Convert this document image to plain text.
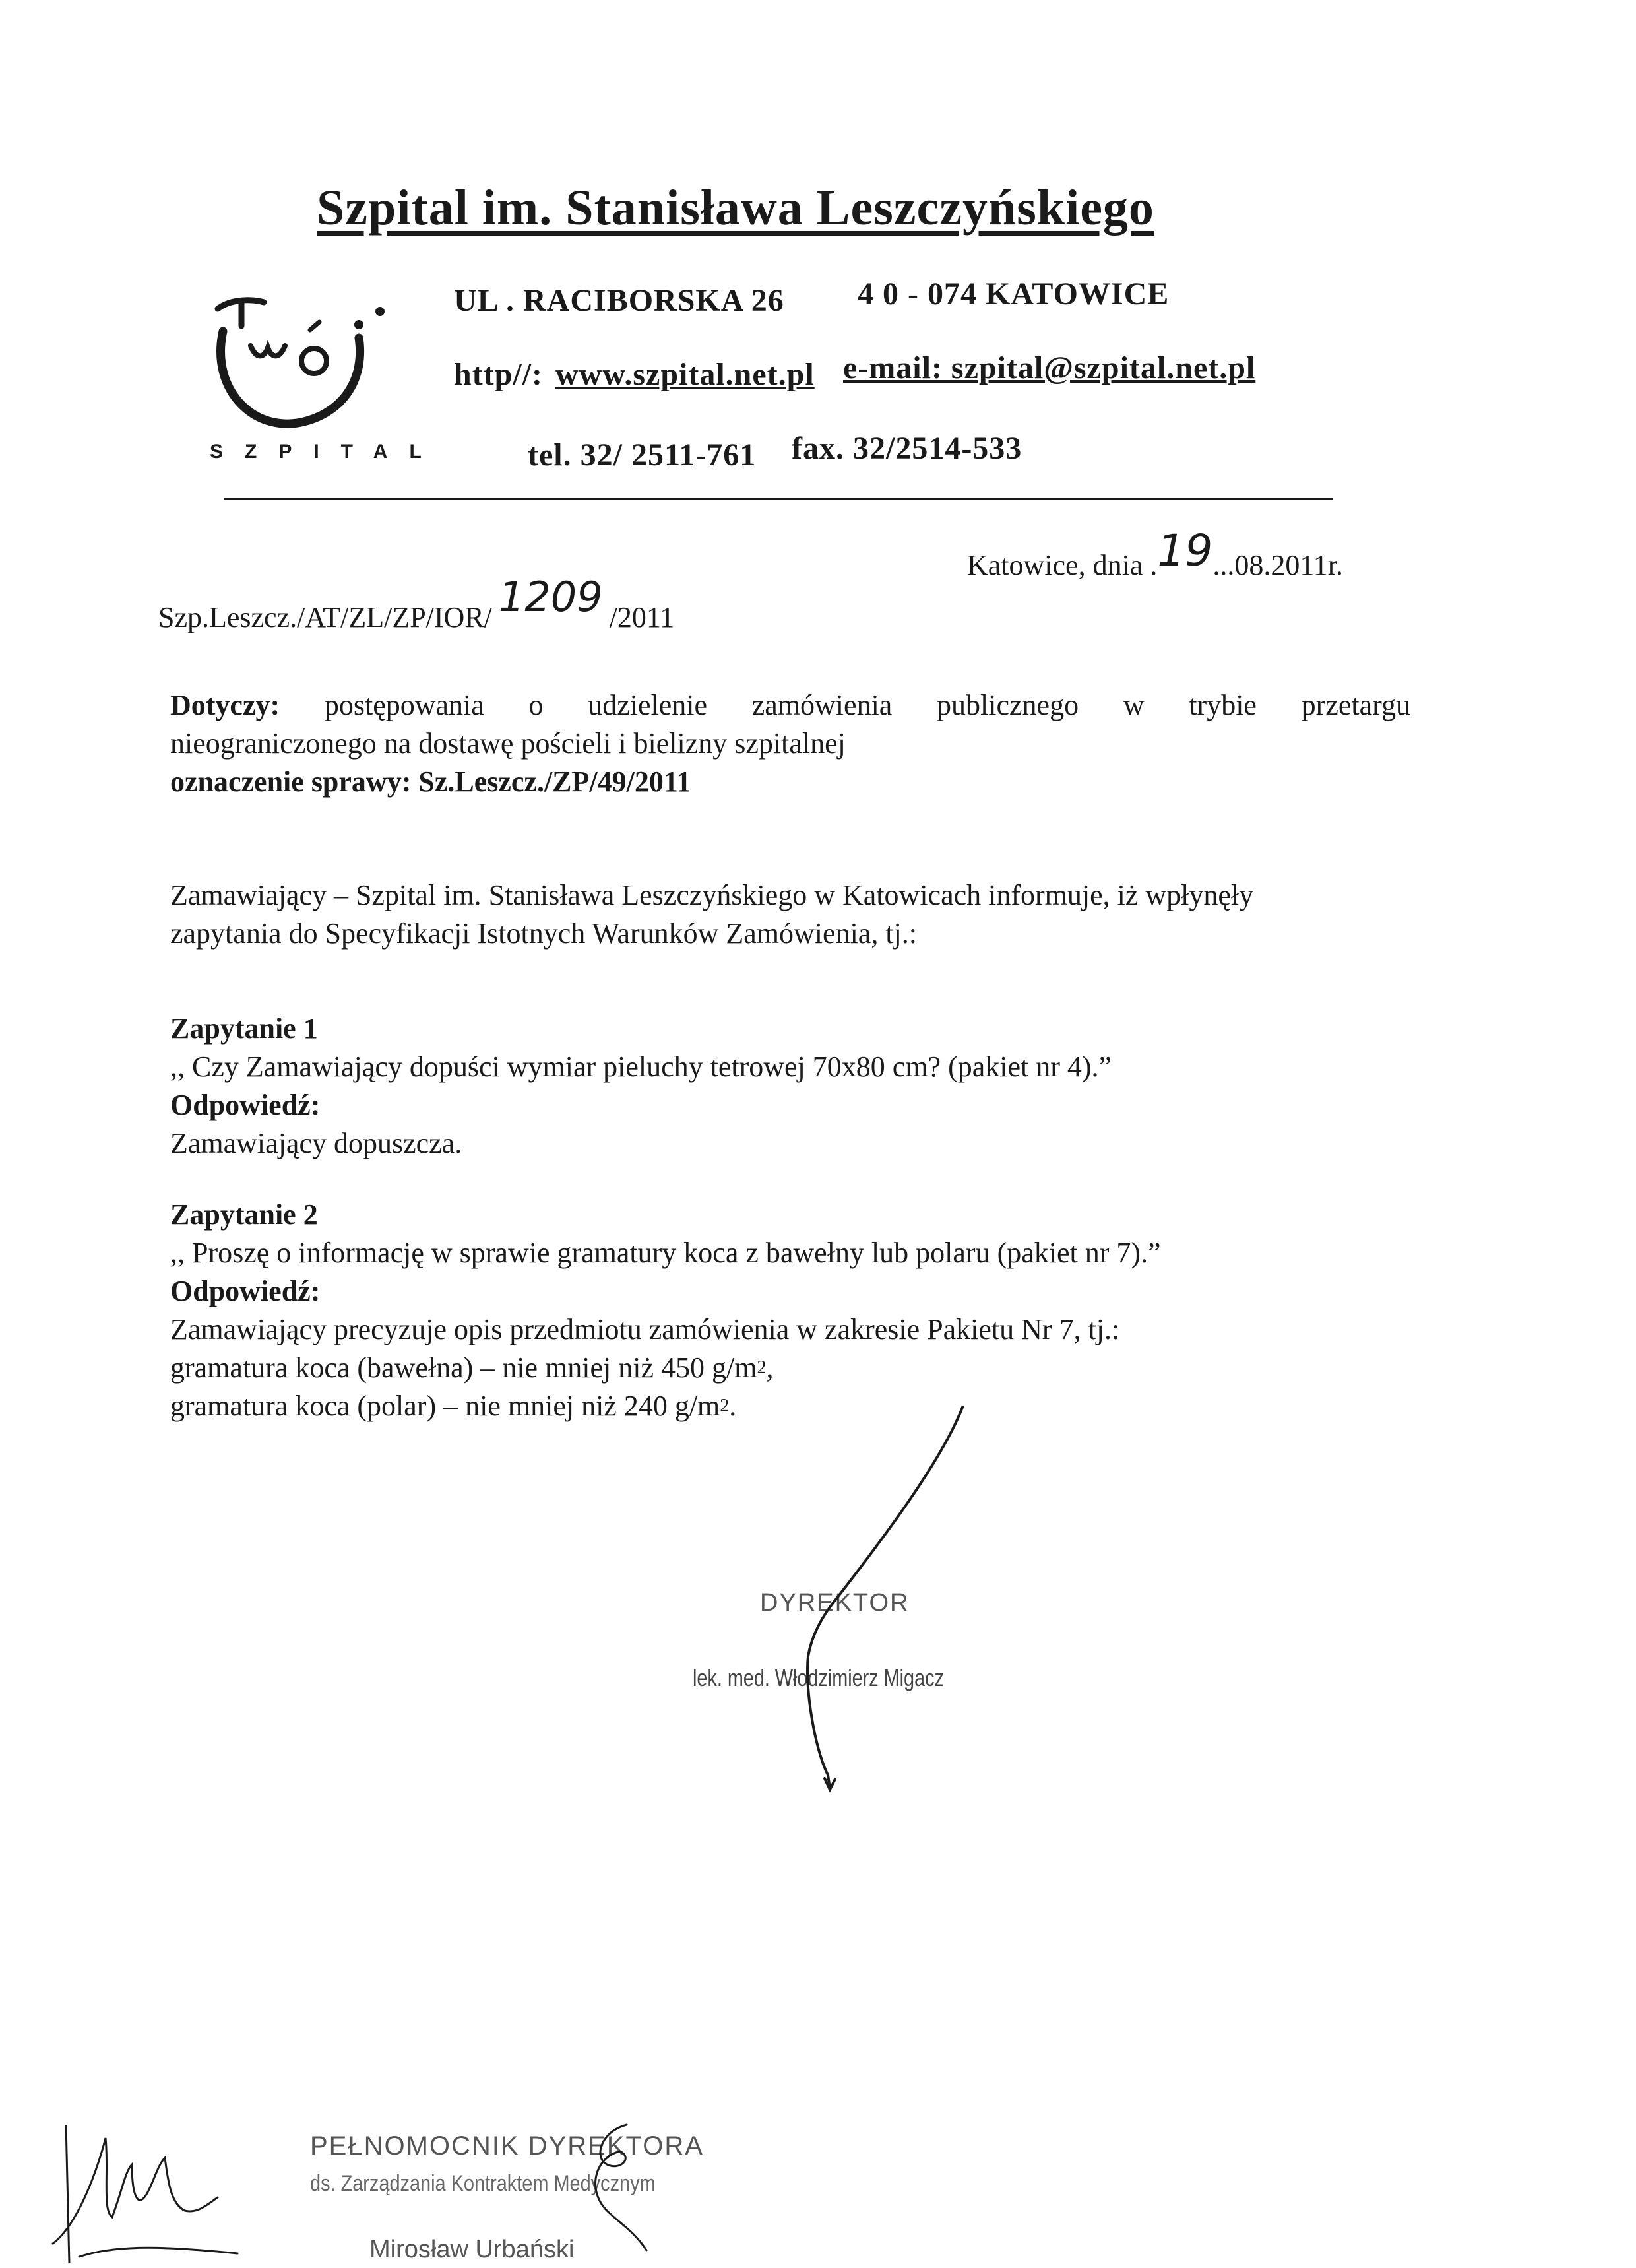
Szpital im. Stanisława Leszczyńskiego
SZPITAL
UL . RACIBORSKA 26 4 0 - 074 KATOWICE
http//: www.szpital.net.pl e-mail: szpital@szpital.net.pl
tel. 32/ 2511-761 fax. 32/2514-533
Katowice, dnia .19...08.2011r.
Szp.Leszcz./AT/ZL/ZP/IOR/ 1209 /2011
Dotyczy: postępowania o udzielenie zamówienia publicznego w trybie przetargu
nieograniczonego na dostawę pościeli i bielizny szpitalnej
oznaczenie sprawy: Sz.Leszcz./ZP/49/2011
Zamawiający – Szpital im. Stanisława Leszczyńskiego w Katowicach informuje, iż wpłynęły
zapytania do Specyfikacji Istotnych Warunków Zamówienia, tj.:
Zapytanie 1
,, Czy Zamawiający dopuści wymiar pieluchy tetrowej 70x80 cm? (pakiet nr 4).”
Odpowiedź:
Zamawiający dopuszcza.
Zapytanie 2
,, Proszę o informację w sprawie gramatury koca z bawełny lub polaru (pakiet nr 7).”
Odpowiedź:
Zamawiający precyzuje opis przedmiotu zamówienia w zakresie Pakietu Nr 7, tj.:
gramatura koca (bawełna) – nie mniej niż 450 $g/m^2$,
gramatura koca (polar) – nie mniej niż 240 $g/m^2$.
DYREKTOR
lek. med. Włodzimierz Migacz
PEŁNOMOCNIK DYREKTORA
ds. Zarządzania Kontraktem Medycznym
Mirosław Urbański
